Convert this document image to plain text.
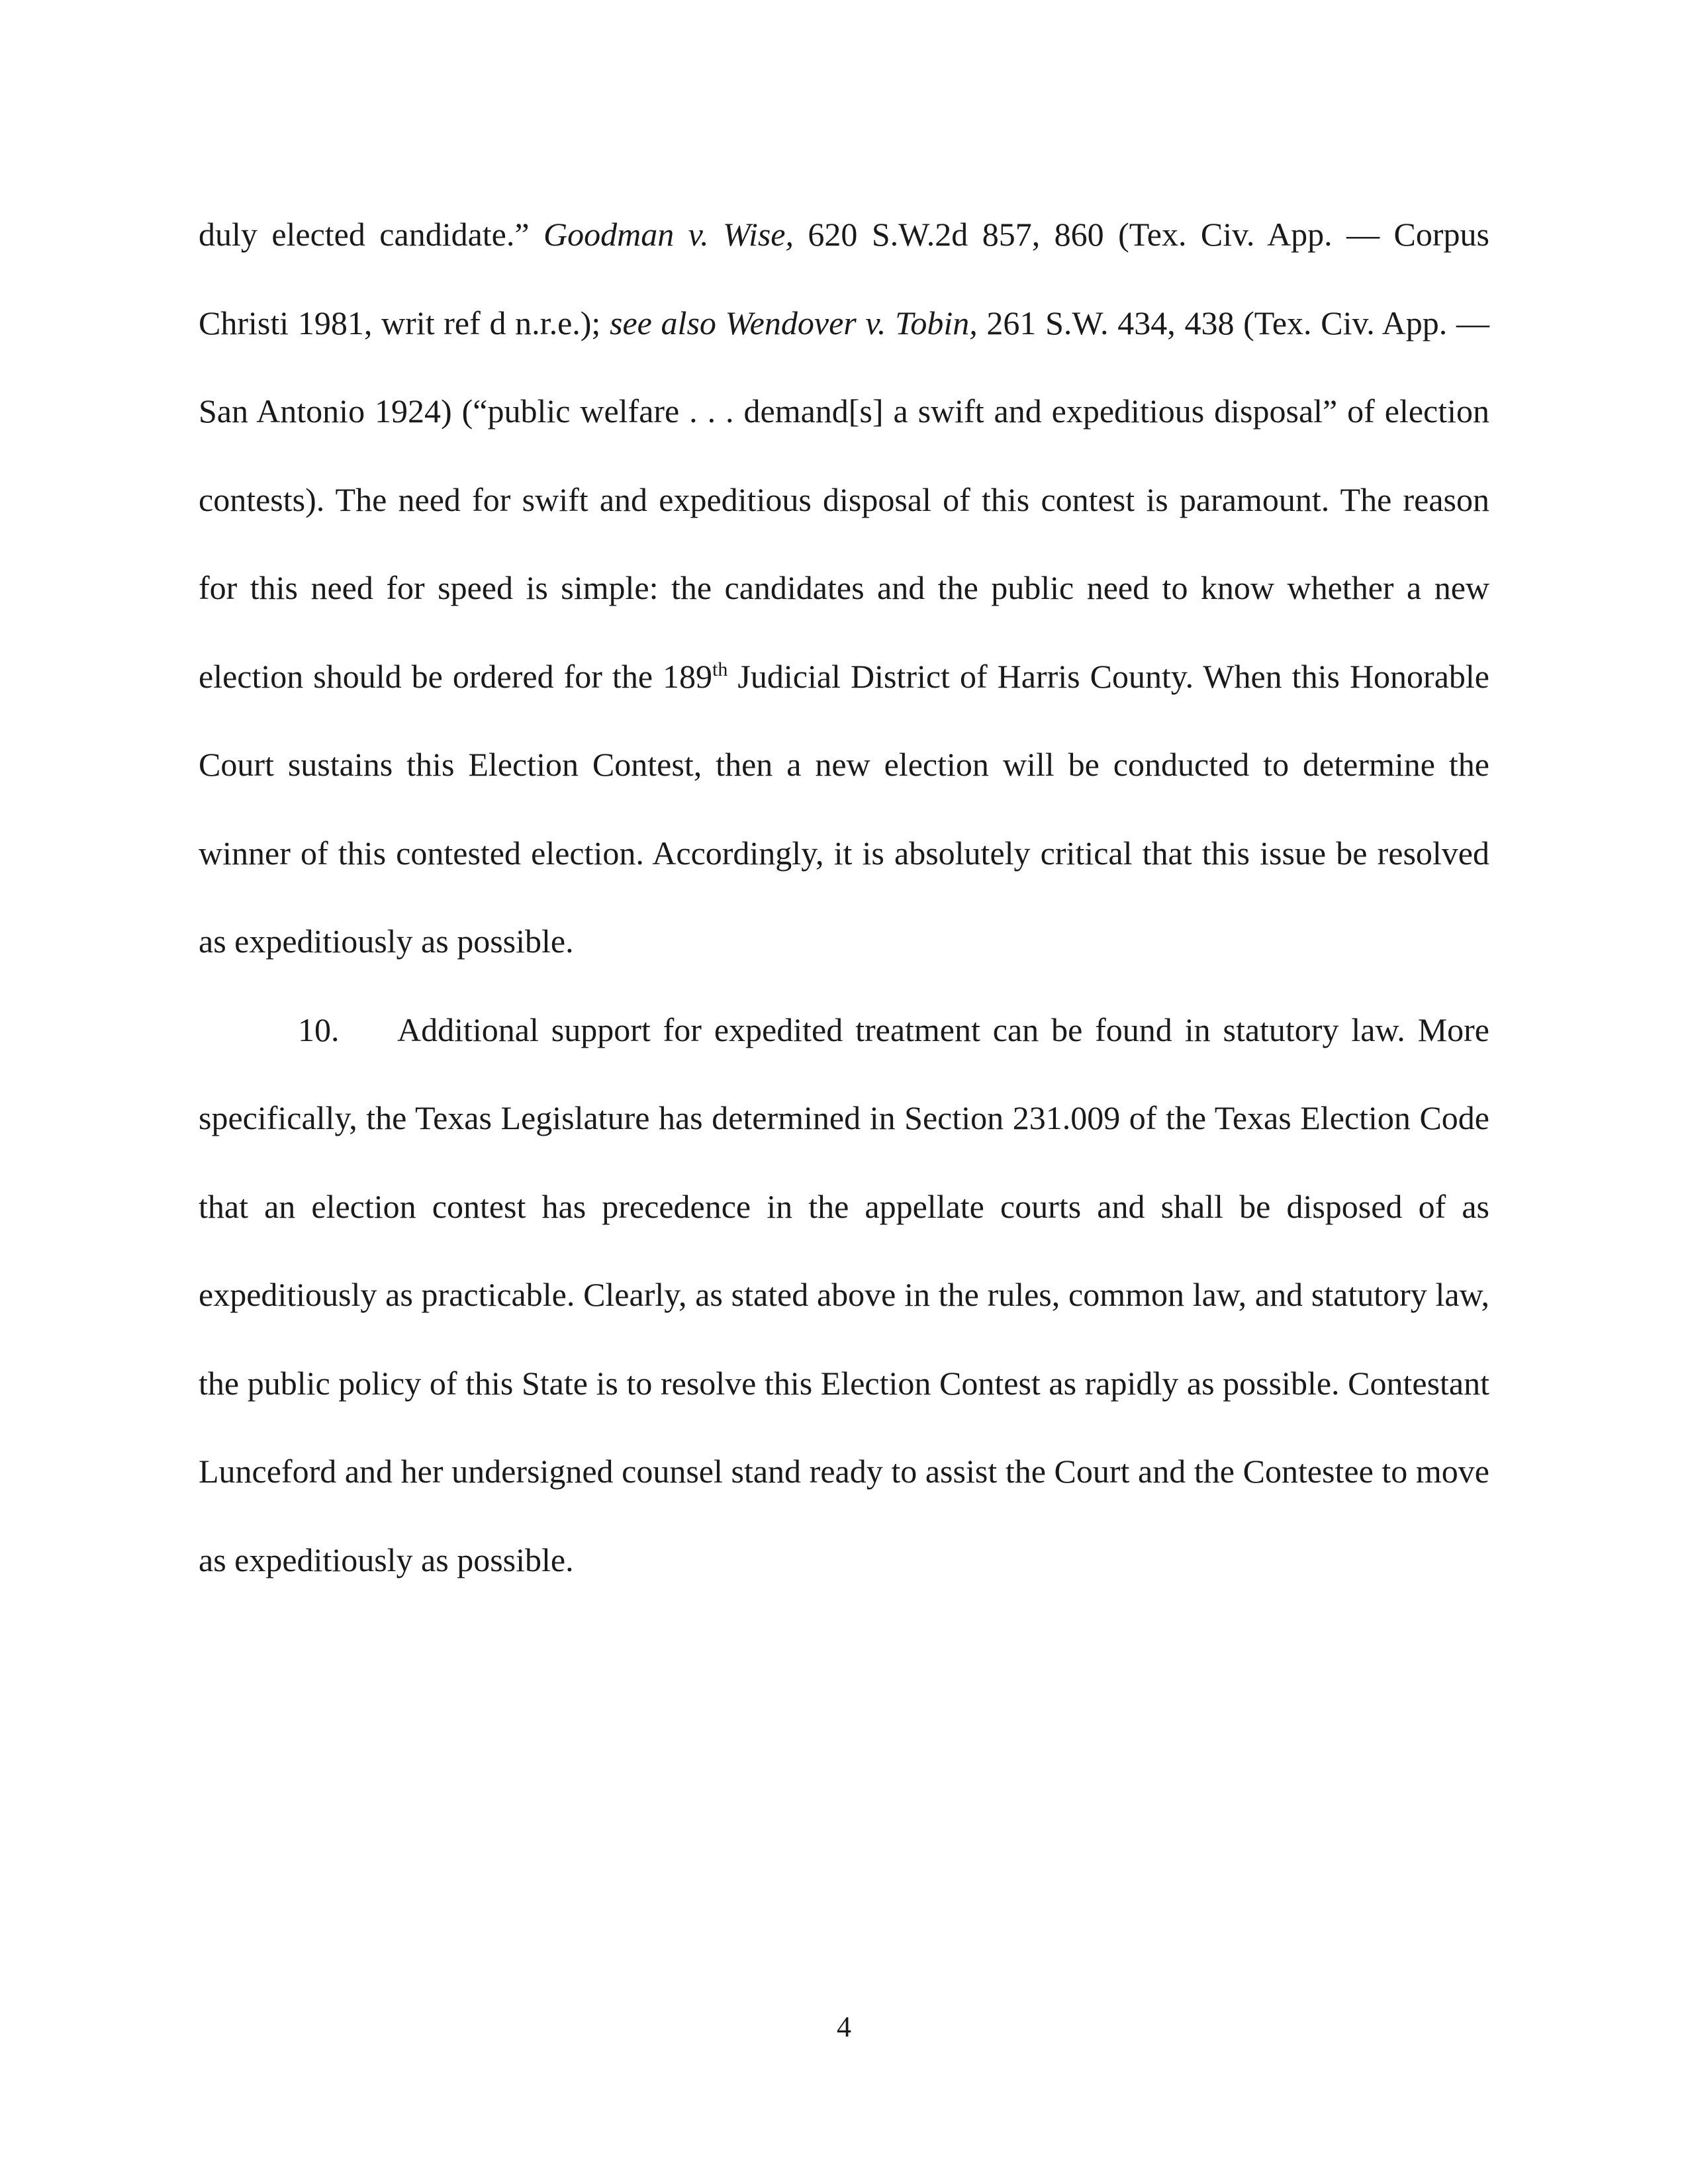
duly elected candidate.” Goodman v. Wise, 620 S.W.2d 857, 860 (Tex. Civ. App. — Corpus Christi 1981, writ ref d n.r.e.); see also Wendover v. Tobin, 261 S.W. 434, 438 (Tex. Civ. App. — San Antonio 1924) (“public welfare . . . demand[s] a swift and expeditious disposal” of election contests). The need for swift and expeditious disposal of this contest is paramount. The reason for this need for speed is simple: the candidates and the public need to know whether a new election should be ordered for the 189th Judicial District of Harris County. When this Honorable Court sustains this Election Contest, then a new election will be conducted to determine the winner of this contested election. Accordingly, it is absolutely critical that this issue be resolved as expeditiously as possible.

10. Additional support for expedited treatment can be found in statutory law. More specifically, the Texas Legislature has determined in Section 231.009 of the Texas Election Code that an election contest has precedence in the appellate courts and shall be disposed of as expeditiously as practicable. Clearly, as stated above in the rules, common law, and statutory law, the public policy of this State is to resolve this Election Contest as rapidly as possible. Contestant Lunceford and her undersigned counsel stand ready to assist the Court and the Contestee to move as expeditiously as possible.

4
